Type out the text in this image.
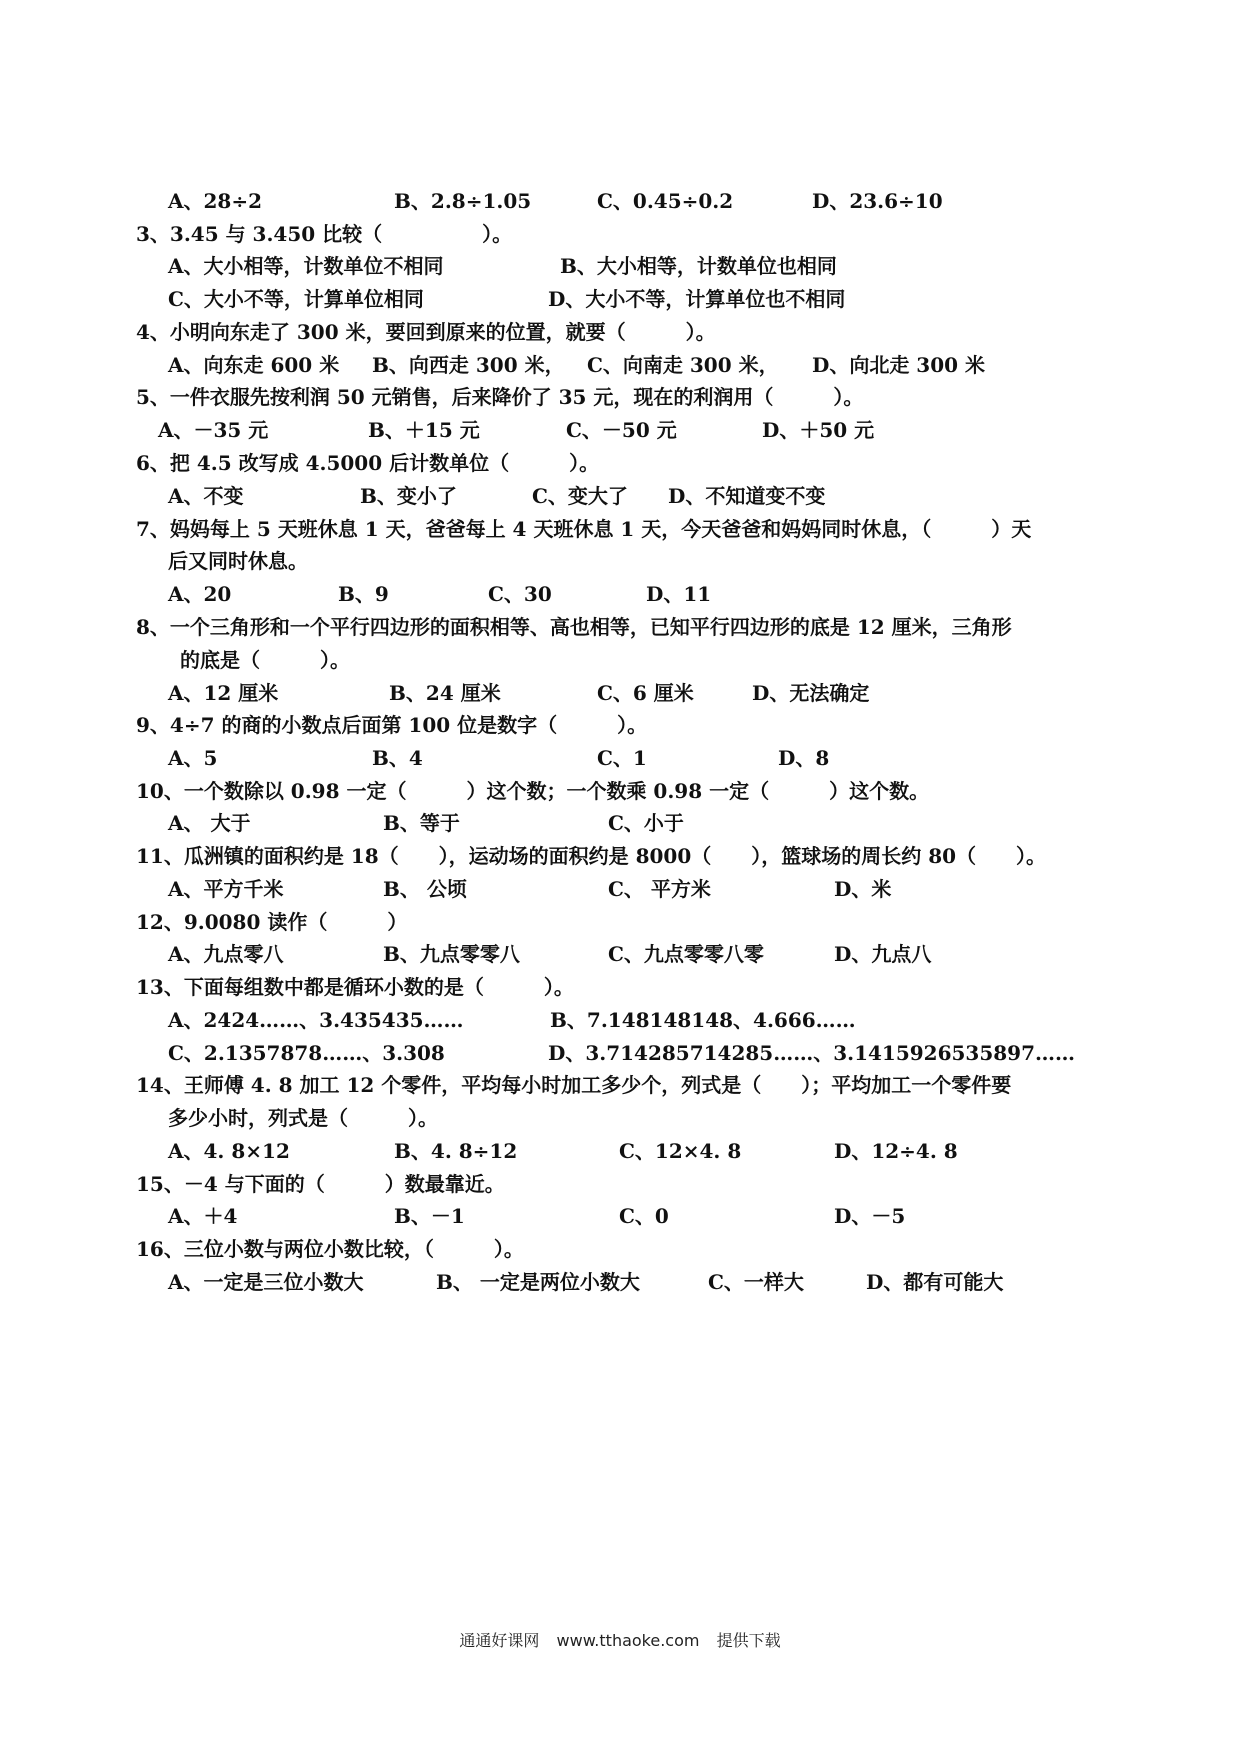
A、28÷2

	B、2.8÷1.05

	C、0.45÷0.2

	D、23.6÷10

3、3.45 与 3.450 比较（　　　　　）。

A、大小相等，计数单位不相同

	B、大小相等，计数单位也相同

C、大小不等，计算单位相同

	D、大小不等，计算单位也不相同

4、小明向东走了 300 米，要回到原来的位置，就要（　　　）。

A、向东走 600 米

B、向西走 300 米，

C、向南走 300 米，

D、向北走 300 米

5、一件衣服先按利润 50 元销售，后来降价了 35 元，现在的利润用（　　　）。

A、－35 元

	B、＋15 元

	C、－50 元

	D、＋50 元

6、把 4.5 改写成 4.5000 后计数单位（　　　）。

A、不变

	B、变小了

	C、变大了

D、不知道变不变

7、妈妈每上 5 天班休息 1 天，爸爸每上 4 天班休息 1 天，今天爸爸和妈妈同时休息，（　　　）天

后又同时休息。

A、20

	B、9

	C、30

	D、11

8、一个三角形和一个平行四边形的面积相等、高也相等，已知平行四边形的底是 12 厘米，三角形

的底是（　　　）。

A、12 厘米

	B、24 厘米

	C、6 厘米

	D、无法确定

9、4÷7 的商的小数点后面第 100 位是数字（　　　）。

A、5

	B、4

	C、1

	D、8

10、一个数除以 0.98 一定（　　　）这个数；一个数乘 0.98 一定（　　　）这个数。

A、 大于

	B、等于

	C、小于

11、瓜洲镇的面积约是 18（　　），运动场的面积约是 8000（　　），篮球场的周长约 80（　　）。

A、平方千米

	B、 公顷

	C、 平方米

	D、米

12、9.0080 读作（　　　）

A、九点零八

	B、九点零零八

	C、九点零零八零

	D、九点八

13、下面每组数中都是循环小数的是（　　　）。

A、2424……、3.435435……

	B、7.148148148、4.666……

C、2.1357878……、3.308

	D、3.714285714285……、3.1415926535897……

14、王师傅 4. 8 加工 12 个零件，平均每小时加工多少个，列式是（　　）；平均加工一个零件要

多少小时，列式是（　　　）。

A、4. 8×12

	B、4. 8÷12

	C、12×4. 8

	D、12÷4. 8

15、－4 与下面的（　　　）数最靠近。

A、＋4

	B、－1

	C、0

	D、－5

16、三位小数与两位小数比较，（　　　）。

A、一定是三位小数大

	B、 一定是两位小数大

	C、一样大

	D、都有可能大

通通好课网 www.tthaoke.com 提供下载
